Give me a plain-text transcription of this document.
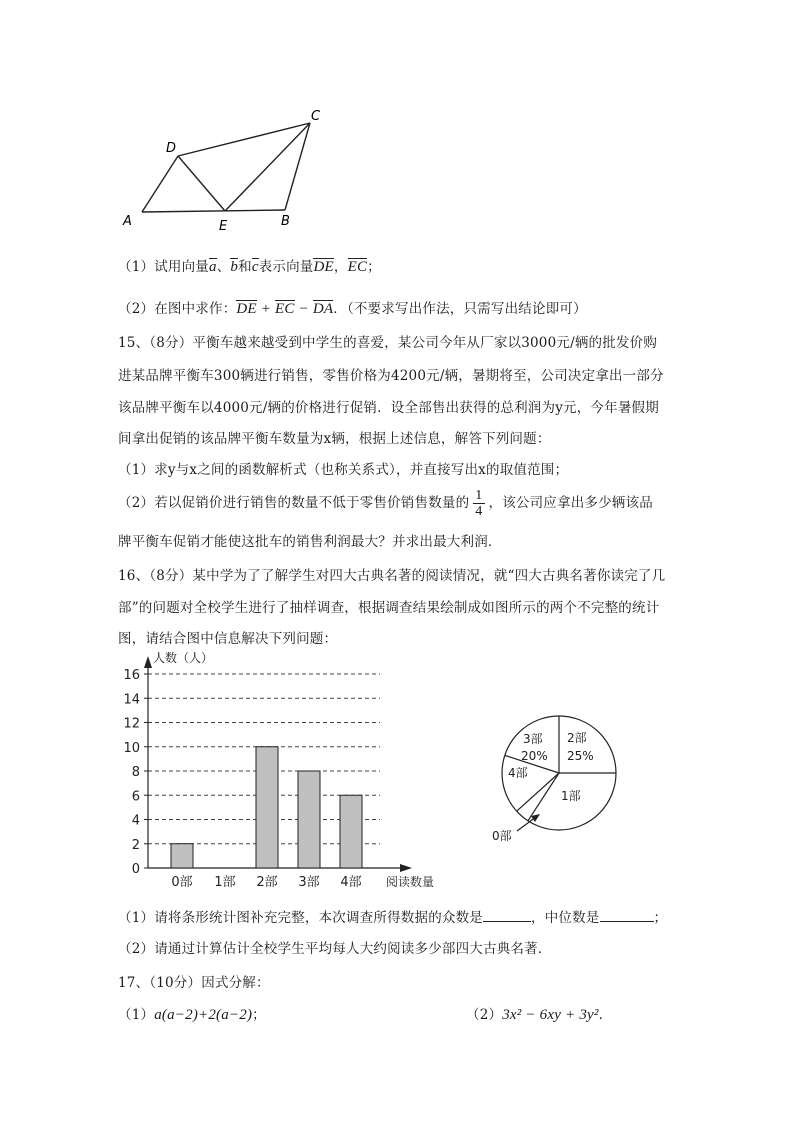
A	B
C
D
E
（1）试用向量a、b和c表示向量DE，EC；
（2）在图中求作：DE + EC − DA．（不要求写出作法，只需写出结论即可）
15、（8分）平衡车越来越受到中学生的喜爱，某公司今年从厂家以3000元/辆的批发价购
进某品牌平衡车300辆进行销售，零售价格为4200元/辆，暑期将至，公司决定拿出一部分
该品牌平衡车以4000元/辆的价格进行促销．设全部售出获得的总利润为y元，今年暑假期
间拿出促销的该品牌平衡车数量为x辆，根据上述信息，解答下列问题：
（1）求y与x之间的函数解析式（也称关系式），并直接写出x的取值范围；
（2）若以促销价进行销售的数量不低于零售价销售数量的 $\frac{1}{4}$ ，该公司应拿出多少辆该品
牌平衡车促销才能使这批车的销售利润最大？并求出最大利润．
16、（8分）某中学为了了解学生对四大古典名著的阅读情况，就“四大古典名著你读完了几
部”的问题对全校学生进行了抽样调查，根据调查结果绘制成如图所示的两个不完整的统计
图，请结合图中信息解决下列问题：
0
2
4
6
8
10
12
14
16
人数（人）
阅读数量
0部 1部 2部 3部 4部
2部
25%
1部
0部
4部
3部
20%
（1）请将条形统计图补充完整，本次调查所得数据的众数是	，中位数是	；
（2）请通过计算估计全校学生平均每人大约阅读多少部四大古典名著．
17、（10分）因式分解：
（1）a(a−2)+2(a−2)；	（2）3x² − 6xy + 3y²．
